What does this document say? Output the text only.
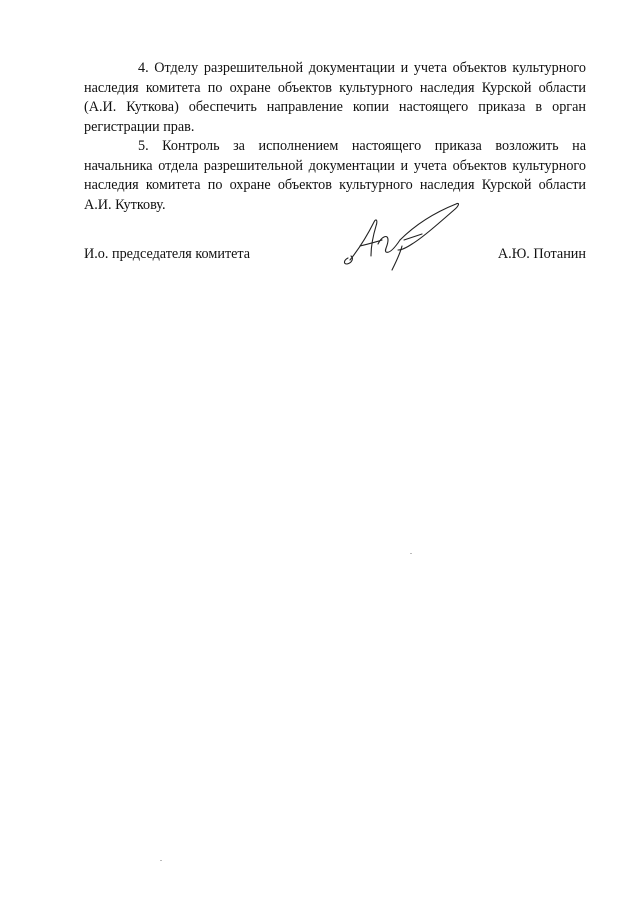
4. Отделу разрешительной документации и учета объектов культурного наследия комитета по охране объектов культурного наследия Курской области (А.И. Куткова) обеспечить направление копии настоящего приказа в орган регистрации прав.

5. Контроль за исполнением настоящего приказа возложить на начальника отдела разрешительной документации и учета объектов культурного наследия комитета по охране объектов культурного наследия Курской области А.И. Куткову.

И.о. председателя комитета	А.Ю. Потанин
